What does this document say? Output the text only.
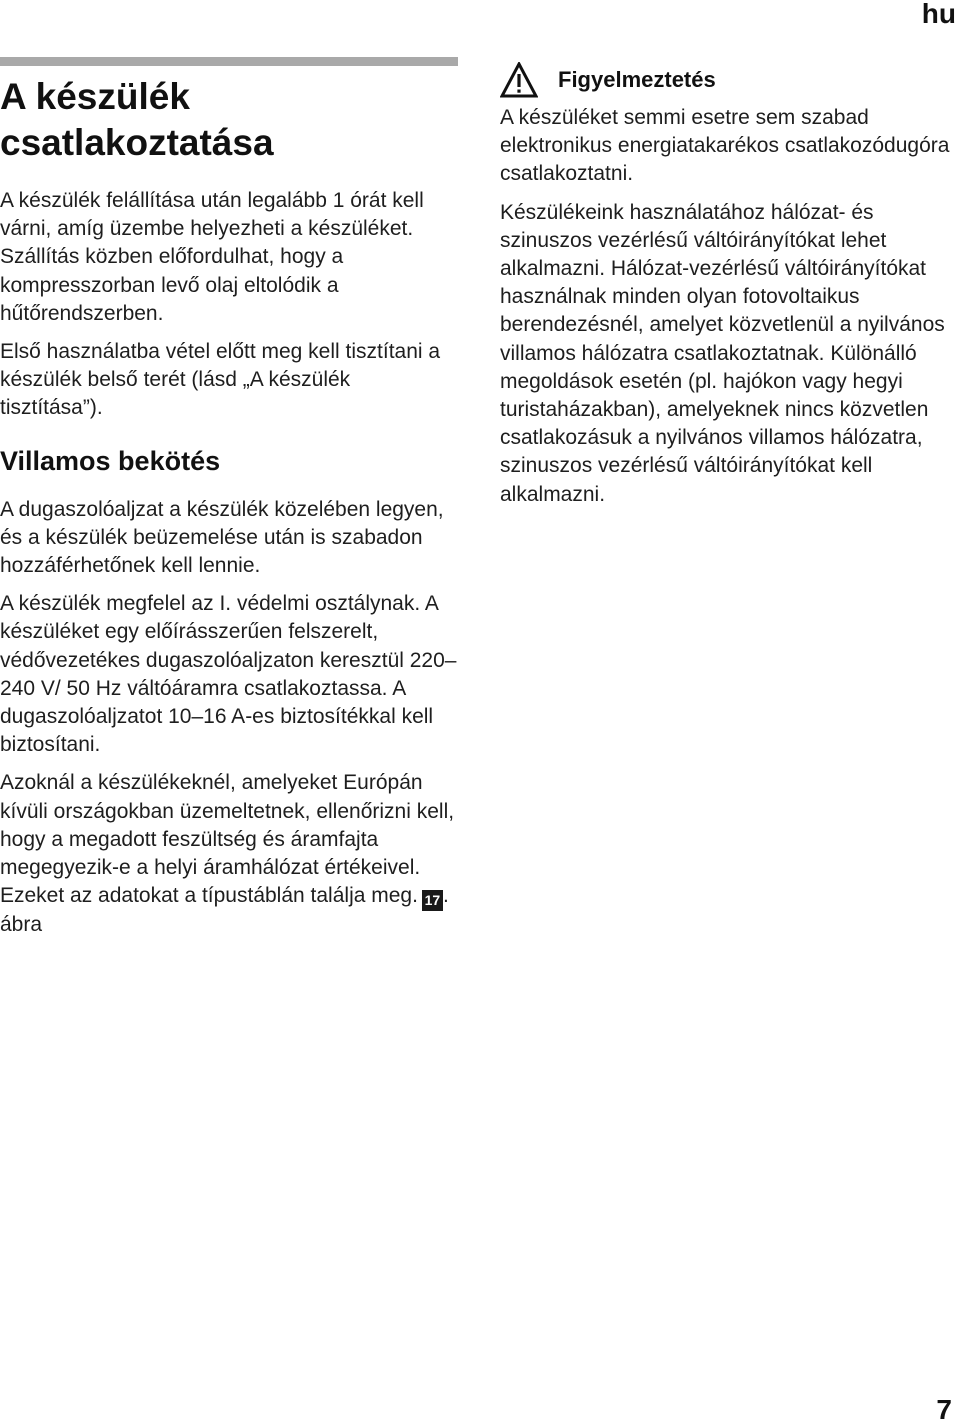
hu
A készülék csatlakoztatása

A készülék felállítása után legalább 1 órát kell várni, amíg üzembe helyezheti a készüléket. Szállítás közben előfordulhat, hogy a kompresszorban levő olaj eltolódik a hűtőrendszerben.

Első használatba vétel előtt meg kell tisztítani a készülék belső terét (lásd „A készülék tisztítása”).

Villamos bekötés

A dugaszolóaljzat a készülék közelében legyen, és a készülék beüzemelése után is szabadon hozzáférhetőnek kell lennie.

A készülék megfelel az I. védelmi osztálynak. A készüléket egy előírásszerűen felszerelt, védővezetékes dugaszolóaljzaton keresztül 220–240 V/ 50 Hz váltóáramra csatlakoztassa. A dugaszolóaljzatot 10–16 A-es biztosítékkal kell biztosítani.

Azoknál a készülékeknél, amelyeket Európán kívüli országokban üzemeltetnek, ellenőrizni kell, hogy a megadott feszültség és áramfajta megegyezik-e a helyi áramhálózat értékeivel. Ezeket az adatokat a típustáblán találja meg. 17 . ábra

Figyelmeztetés

A készüléket semmi esetre sem szabad elektronikus energiatakarékos csatlakozódugóra csatlakoztatni.

Készülékeink használatához hálózat- és szinuszos vezérlésű váltóirányítókat lehet alkalmazni. Hálózat-vezérlésű váltóirányítókat használnak minden olyan fotovoltaikus berendezésnél, amelyet közvetlenül a nyilvános villamos hálózatra csatlakoztatnak. Különálló megoldások esetén (pl. hajókon vagy hegyi turistaházakban), amelyeknek nincs közvetlen csatlakozásuk a nyilvános villamos hálózatra, szinuszos vezérlésű váltóirányítókat kell alkalmazni.

7
